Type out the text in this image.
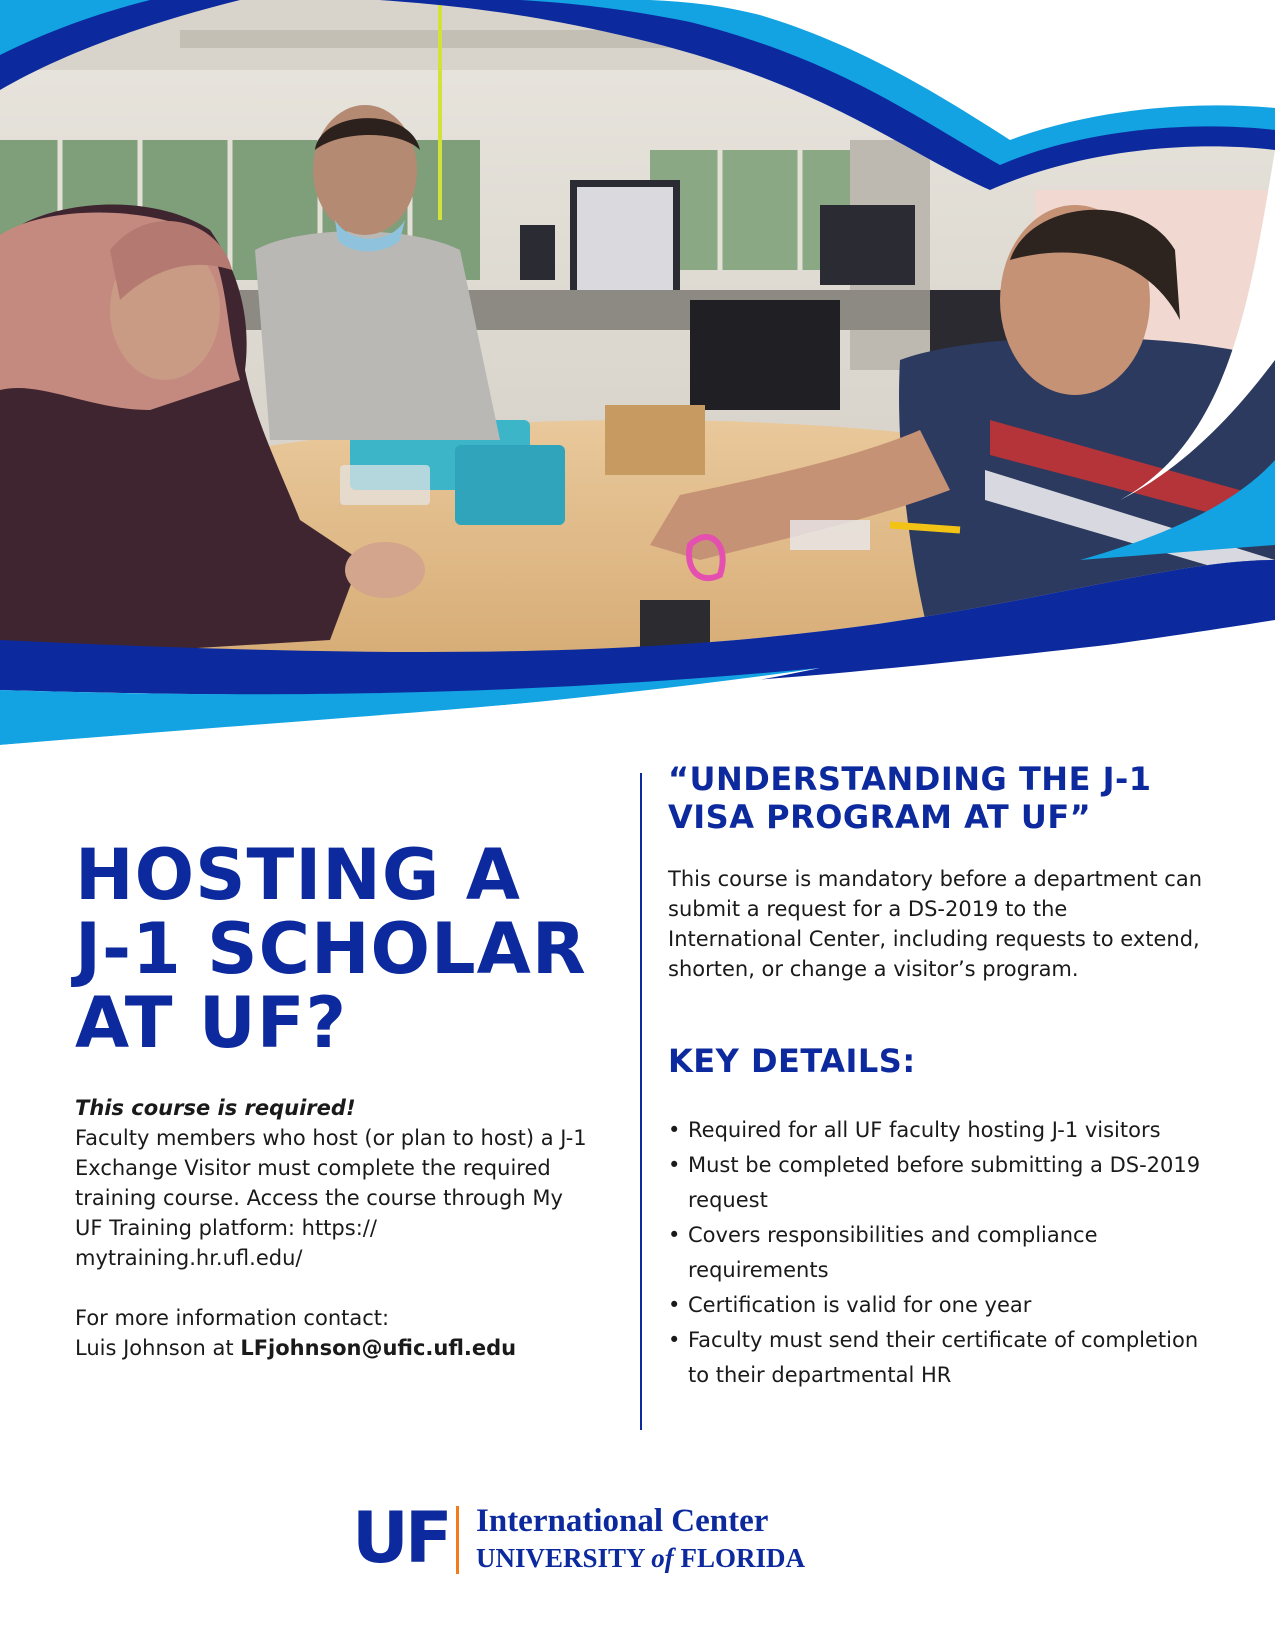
HOSTING A
J-1 SCHOLAR
AT UF?

This course is required!

Faculty members who host (or plan to host) a J-1 Exchange Visitor must complete the required training course. Access the course through My UF Training platform: https:// mytraining.hr.ufl.edu/

For more information contact:
Luis Johnson at LFjohnson@ufic.ufl.edu

“UNDERSTANDING THE J-1
VISA PROGRAM AT UF”

This course is mandatory before a department can submit a request for a DS-2019 to the International Center, including requests to extend, shorten, or change a visitor’s program.

KEY DETAILS:
• Required for all UF faculty hosting J-1 visitors
• Must be completed before submitting a DS-2019 request
• Covers responsibilities and compliance requirements
• Certification is valid for one year
• Faculty must send their certificate of completion to their departmental HR
UF International Center
UNIVERSITY of FLORIDA
